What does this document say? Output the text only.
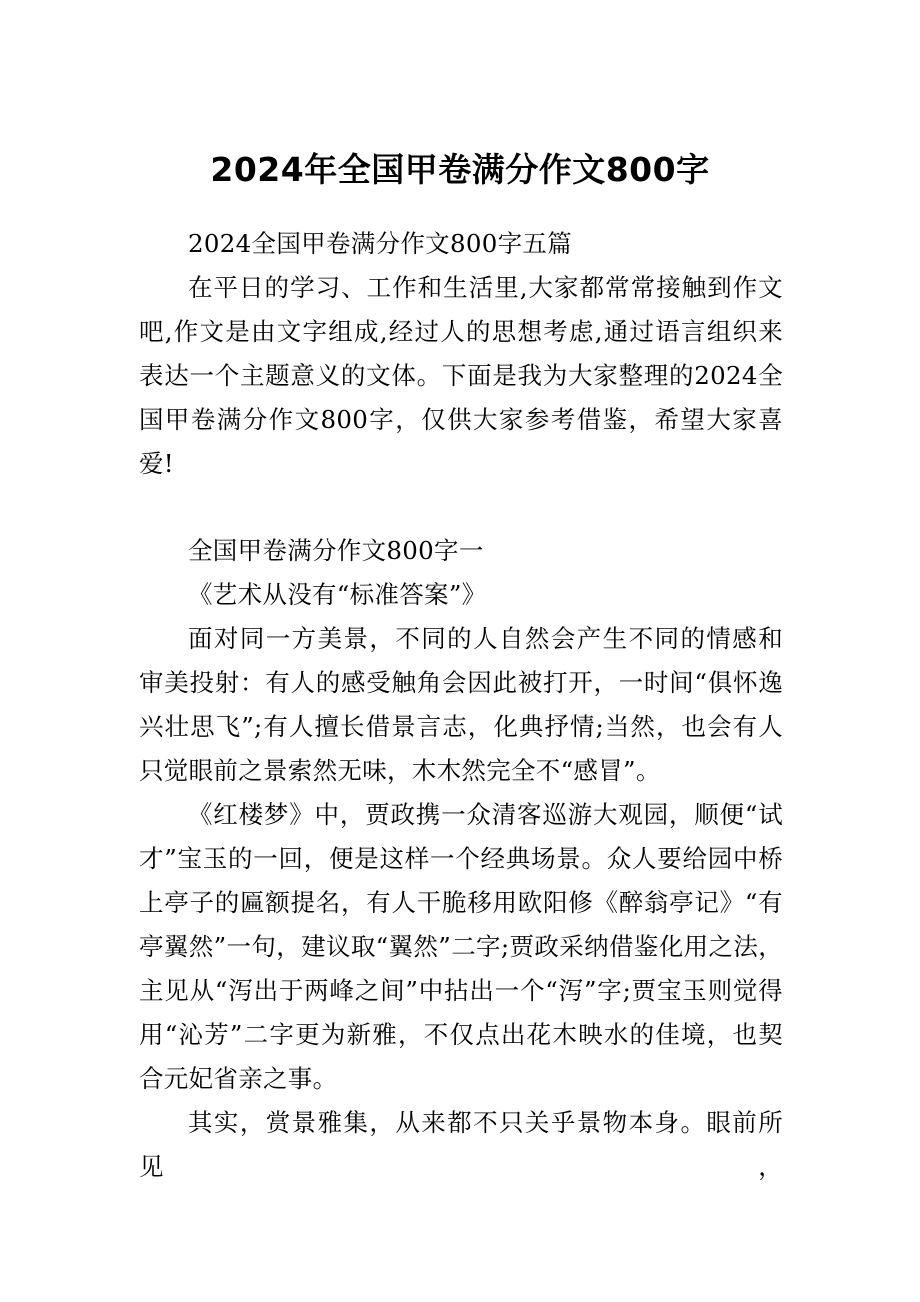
2024年全国甲卷满分作文800字

2024全国甲卷满分作文800字五篇

在平日的学习、工作和生活里,大家都常常接触到作文吧,作文是由文字组成,经过人的思想考虑,通过语言组织来表达一个主题意义的文体。下面是我为大家整理的2024全国甲卷满分作文800字，仅供大家参考借鉴，希望大家喜爱!

全国甲卷满分作文800字一

《艺术从没有“标准答案”》

面对同一方美景，不同的人自然会产生不同的情感和审美投射：有人的感受触角会因此被打开，一时间“俱怀逸兴壮思飞”;有人擅长借景言志，化典抒情;当然，也会有人只觉眼前之景索然无味，木木然完全不“感冒”。

《红楼梦》中，贾政携一众清客巡游大观园，顺便“试才”宝玉的一回，便是这样一个经典场景。众人要给园中桥上亭子的匾额提名，有人干脆移用欧阳修《醉翁亭记》“有亭翼然”一句，建议取“翼然”二字;贾政采纳借鉴化用之法，主见从“泻出于两峰之间”中拈出一个“泻”字;贾宝玉则觉得用“沁芳”二字更为新雅，不仅点出花木映水的佳境，也契合元妃省亲之事。

其实，赏景雅集，从来都不只关乎景物本身。眼前所见，
